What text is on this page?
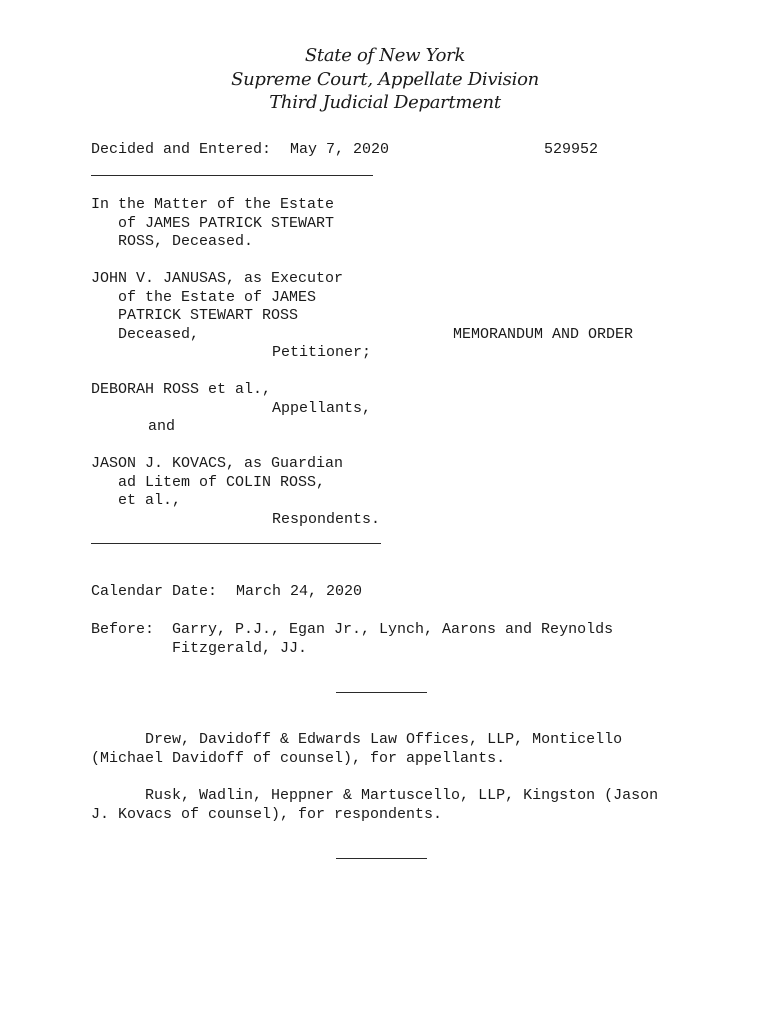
State of New York
Supreme Court, Appellate Division
Third Judicial Department
Decided and Entered: May 7, 2020	529952
In the Matter of the Estate
of JAMES PATRICK STEWART
ROSS, Deceased.
JOHN V. JANUSAS, as Executor
of the Estate of JAMES
PATRICK STEWART ROSS
Deceased,	MEMORANDUM AND ORDER
Petitioner;
DEBORAH ROSS et al.,
Appellants,
and
JASON J. KOVACS, as Guardian
ad Litem of COLIN ROSS,
et al.,
Respondents.
Calendar Date: March 24, 2020
Before: Garry, P.J., Egan Jr., Lynch, Aarons and Reynolds
Fitzgerald, JJ.
Drew, Davidoff & Edwards Law Offices, LLP, Monticello
(Michael Davidoff of counsel), for appellants.
Rusk, Wadlin, Heppner & Martuscello, LLP, Kingston (Jason
J. Kovacs of counsel), for respondents.
